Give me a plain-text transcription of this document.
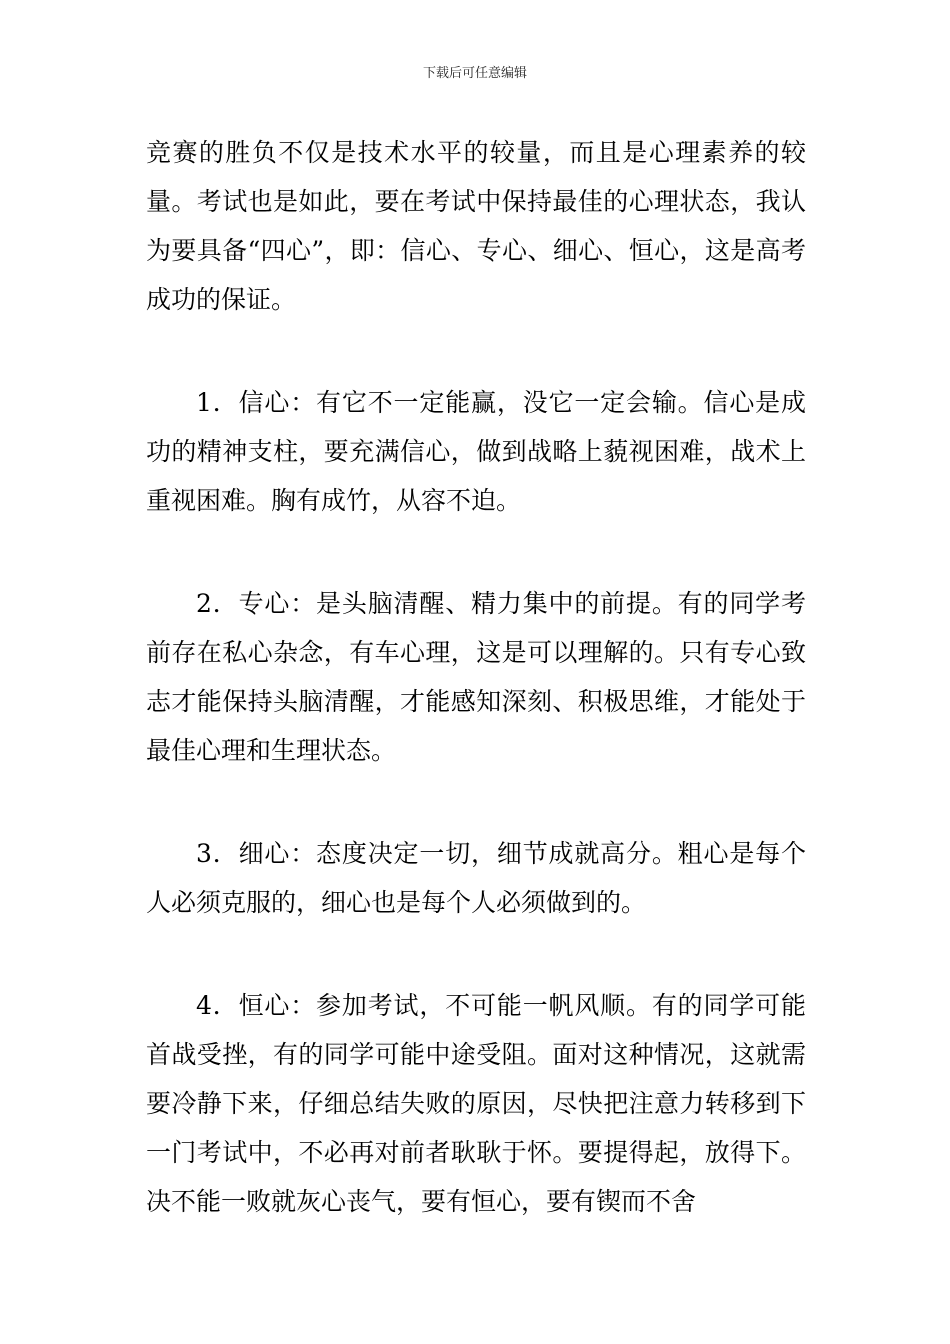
下载后可任意编辑

竞赛的胜负不仅是技术水平的较量，而且是心理素养的较量。考试也是如此，要在考试中保持最佳的心理状态，我认为要具备“四心”，即：信心、专心、细心、恒心，这是高考成功的保证。

1．信心：有它不一定能赢，没它一定会输。信心是成功的精神支柱，要充满信心，做到战略上藐视困难，战术上重视困难。胸有成竹，从容不迫。

2．专心：是头脑清醒、精力集中的前提。有的同学考前存在私心杂念，有车心理，这是可以理解的。只有专心致志才能保持头脑清醒，才能感知深刻、积极思维，才能处于最佳心理和生理状态。

3．细心：态度决定一切，细节成就高分。粗心是每个人必须克服的，细心也是每个人必须做到的。

4．恒心：参加考试，不可能一帆风顺。有的同学可能首战受挫，有的同学可能中途受阻。面对这种情况，这就需要冷静下来，仔细总结失败的原因，尽快把注意力转移到下一门考试中，不必再对前者耿耿于怀。要提得起，放得下。决不能一败就灰心丧气，要有恒心，要有锲而不舍
